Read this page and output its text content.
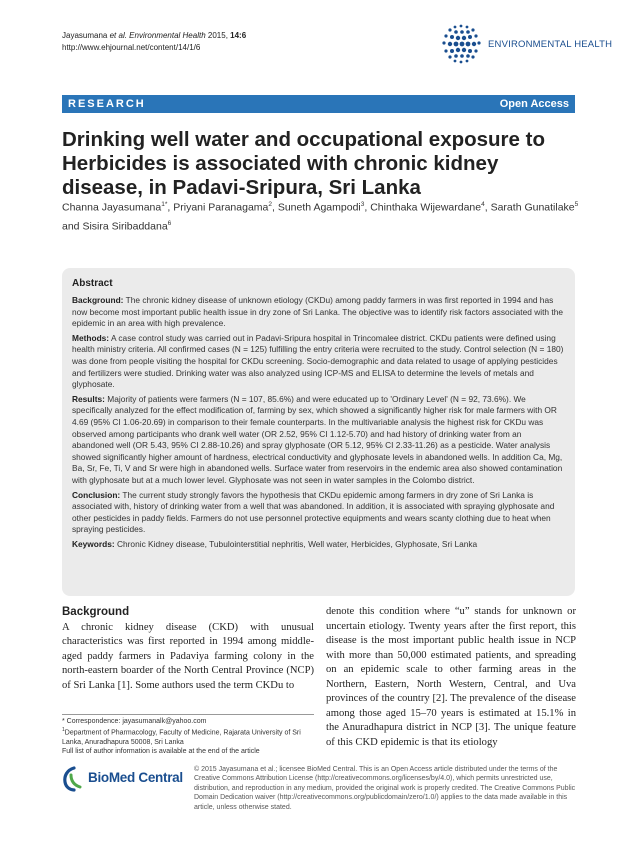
Jayasumana et al. Environmental Health 2015, 14:6
http://www.ehjournal.net/content/14/1/6	ENVIRONMENTAL HEALTH
RESEARCH	Open Access
Drinking well water and occupational exposure to Herbicides is associated with chronic kidney disease, in Padavi-Sripura, Sri Lanka
Channa Jayasumana$^{1*}$, Priyani Paranagama$^2$, Suneth Agampodi$^3$, Chinthaka Wijewardane$^4$, Sarath Gunatilake$^5$
and Sisira Siribaddana$^6$
Abstract

Background: The chronic kidney disease of unknown etiology (CKDu) among paddy farmers in was first reported in 1994 and has now become most important public health issue in dry zone of Sri Lanka. The objective was to identify risk factors associated with the epidemic in an area with high prevalence.

Methods: A case control study was carried out in Padavi-Sripura hospital in Trincomalee district. CKDu patients were defined using health ministry criteria. All confirmed cases (N = 125) fulfilling the entry criteria were recruited to the study. Control selection (N = 180) was done from people visiting the hospital for CKDu screening. Socio-demographic and data related to usage of applying pesticides and fertilizers were studied. Drinking water was also analyzed using ICP-MS and ELISA to determine the levels of metals and glyphosate.

Results: Majority of patients were farmers (N = 107, 85.6%) and were educated up to 'Ordinary Level' (N = 92, 73.6%). We specifically analyzed for the effect modification of, farming by sex, which showed a significantly higher risk for male farmers with OR 4.69 (95% CI 1.06-20.69) in comparison to their female counterparts. In the multivariable analysis the highest risk for CKDu was observed among participants who drank well water (OR 2.52, 95% CI 1.12-5.70) and had history of drinking water from an abandoned well (OR 5.43, 95% CI 2.88-10.26) and spray glyphosate (OR 5.12, 95% CI 2.33-11.26) as a pesticide. Water analysis showed significantly higher amount of hardness, electrical conductivity and glyphosate levels in abandoned wells. In addition Ca, Mg, Ba, Sr, Fe, Ti, V and Sr were high in abandoned wells. Surface water from reservoirs in the endemic area also showed contamination with glyphosate but at a much lower level. Glyphosate was not seen in water samples in the Colombo district.

Conclusion: The current study strongly favors the hypothesis that CKDu epidemic among farmers in dry zone of Sri Lanka is associated with, history of drinking water from a well that was abandoned. In addition, it is associated with spraying glyphosate and other pesticides in paddy fields. Farmers do not use personnel protective equipments and wears scanty clothing due to heat when spraying pesticides.

Keywords: Chronic Kidney disease, Tubulointerstitial nephritis, Well water, Herbicides, Glyphosate, Sri Lanka

Background

A chronic kidney disease (CKD) with unusual characteristics was first reported in 1994 among middle-aged paddy farmers in Padaviya farming colony in the north-eastern boarder of the North Central Province (NCP) of Sri Lanka [1]. Some authors used the term CKDu to

denote this condition where “u” stands for unknown or uncertain etiology. Twenty years after the first report, this disease is the most important public health issue in NCP with more than 50,000 estimated patients, and spreading on an epidemic scale to other farming areas in the Northern, Eastern, North Western, Central, and Uva provinces of the country [2]. The prevalence of the disease among those aged 15–70 years is estimated at 15.1% in the Anuradhapura district in NCP [3]. The unique feature of this CKD epidemic is that its etiology

* Correspondence: jayasumanalk@yahoo.com
$^1$Department of Pharmacology, Faculty of Medicine, Rajarata University of Sri Lanka, Anuradhapura 50008, Sri Lanka
Full list of author information is available at the end of the article
BioMed Central
© 2015 Jayasumana et al.; licensee BioMed Central. This is an Open Access article distributed under the terms of the Creative Commons Attribution License (http://creativecommons.org/licenses/by/4.0), which permits unrestricted use, distribution, and reproduction in any medium, provided the original work is properly credited. The Creative Commons Public Domain Dedication waiver (http://creativecommons.org/publicdomain/zero/1.0/) applies to the data made available in this article, unless otherwise stated.
